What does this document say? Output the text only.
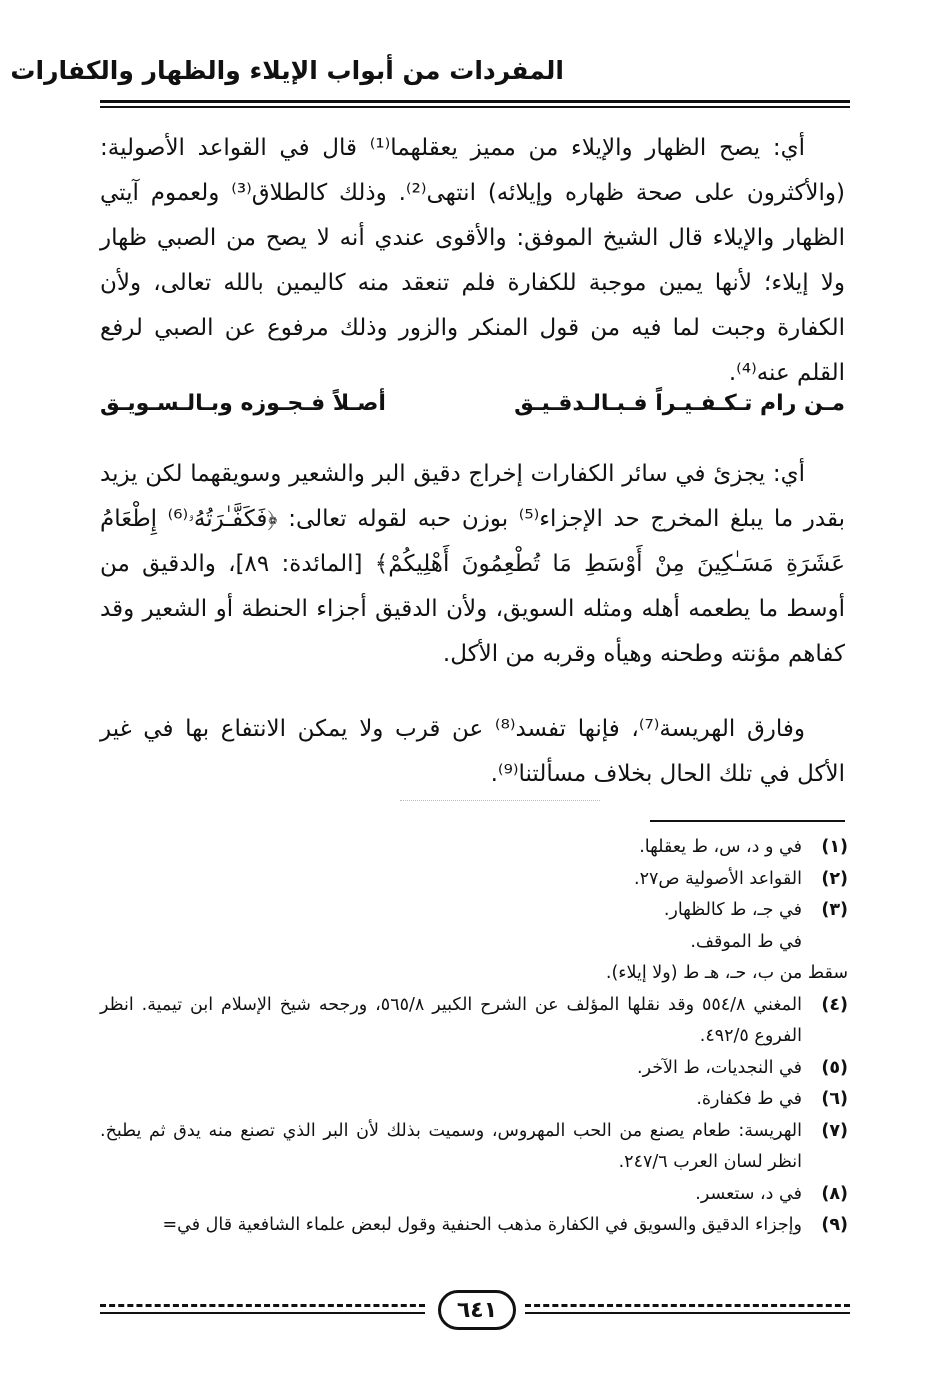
المفردات من أبواب الإيلاء والظهار والكفارات
أي: يصح الظهار والإيلاء من مميز يعقلهما⁽¹⁾ قال في القواعد الأصولية: (والأكثرون على صحة ظهاره وإيلائه) انتهى⁽²⁾. وذلك كالطلاق⁽³⁾ ولعموم آيتي الظهار والإيلاء قال الشيخ الموفق: والأقوى عندي أنه لا يصح من الصبي ظهار ولا إيلاء؛ لأنها يمين موجبة للكفارة فلم تنعقد منه كاليمين بالله تعالى، ولأن الكفارة وجبت لما فيه من قول المنكر والزور وذلك مرفوع عن الصبي لرفع القلم عنه⁽⁴⁾.
مـن رام تـكـفـيـراً فـبـالـدقـيـق
أصـلاً فـجـوزه وبـالـسـويـق
أي: يجزئ في سائر الكفارات إخراج دقيق البر والشعير وسويقهما لكن يزيد بقدر ما يبلغ المخرج حد الإجزاء⁽⁵⁾ بوزن حبه لقوله تعالى: ﴿فَكَفَّـٰرَتُهُۥ⁽⁶⁾ إِطْعَامُ عَشَرَةِ مَسَـٰكِينَ مِنْ أَوْسَطِ مَا تُطْعِمُونَ أَهْلِيكُمْ﴾ [المائدة: ٨٩]، والدقيق من أوسط ما يطعمه أهله ومثله السويق، ولأن الدقيق أجزاء الحنطة أو الشعير وقد كفاهم مؤنته وطحنه وهيأه وقربه من الأكل.
وفارق الهريسة⁽⁷⁾، فإنها تفسد⁽⁸⁾ عن قرب ولا يمكن الانتفاع بها في غير الأكل في تلك الحال بخلاف مسألتنا⁽⁹⁾.
(١)
في و د، س، ط يعقلها.
(٢)
القواعد الأصولية ص٢٧.
(٣)
في جـ، ط كالظهار.
في ط الموقف.
سقط من ب، حـ، هـ ط (ولا إيلاء).
(٤)
المغني ٥٥٤/٨ وقد نقلها المؤلف عن الشرح الكبير ٥٦٥/٨، ورجحه شيخ الإسلام ابن تيمية. انظر الفروع ٤٩٢/٥.
(٥)
في النجديات، ط الآخر.
(٦)
في ط فكفارة.
(٧)
الهريسة: طعام يصنع من الحب المهروس، وسميت بذلك لأن البر الذي تصنع منه يدق ثم يطبخ. انظر لسان العرب ٢٤٧/٦.
(٨)
في د، ستعسر.
(٩)
وإجزاء الدقيق والسويق في الكفارة مذهب الحنفية وقول لبعض علماء الشافعية قال في=
٦٤١
